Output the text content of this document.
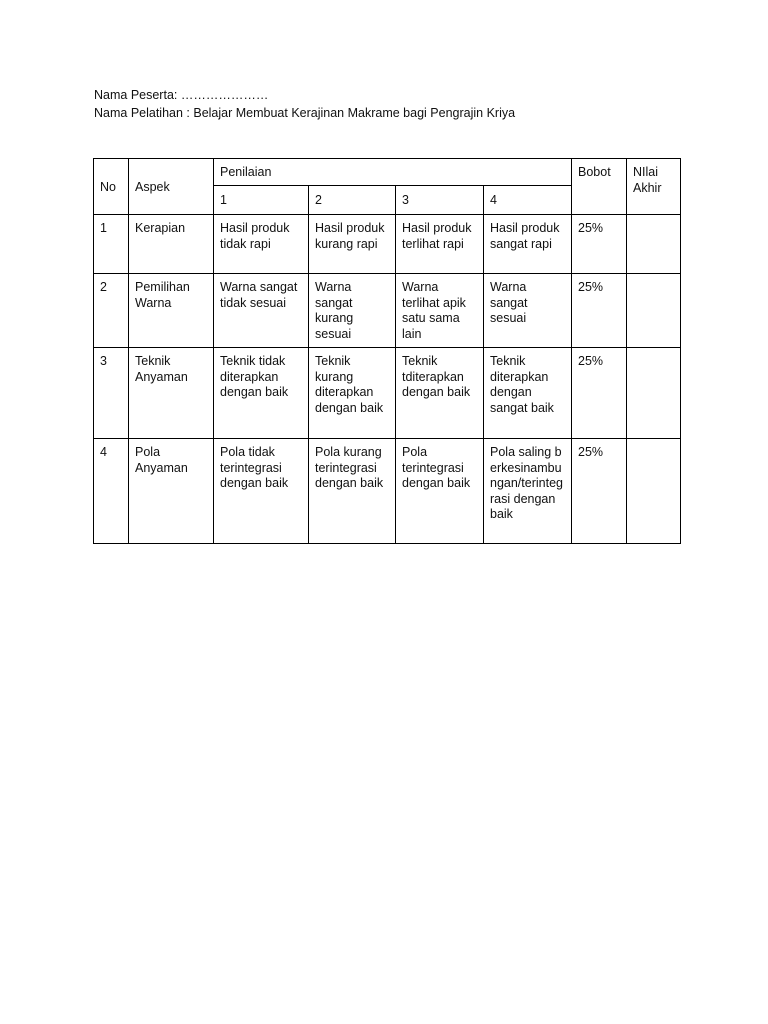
Nama Peserta: …………………
Nama Pelatihan : Belajar Membuat Kerajinan Makrame bagi Pengrajin Kriya
No	Aspek	Penilaian				Bobot	NIlai Akhir
		1	2	3	4		
1	Kerapian	Hasil produk tidak rapi	Hasil produk kurang rapi	Hasil produk terlihat rapi	Hasil produk sangat rapi	25%	
2	Pemilihan Warna	Warna sangat tidak sesuai	Warna sangat kurang sesuai	Warna terlihat apik satu sama lain	Warna sangat sesuai	25%	
3	Teknik Anyaman	Teknik tidak diterapkan dengan baik	Teknik kurang diterapkan dengan baik	Teknik tditerapkan dengan baik	Teknik diterapkan dengan sangat baik	25%	
4	Pola Anyaman	Pola tidak terintegrasi dengan baik	Pola kurang terintegrasi dengan baik	Pola terintegrasi dengan baik	Pola saling berkesinambungan/terintegrasi dengan baik	25%	
